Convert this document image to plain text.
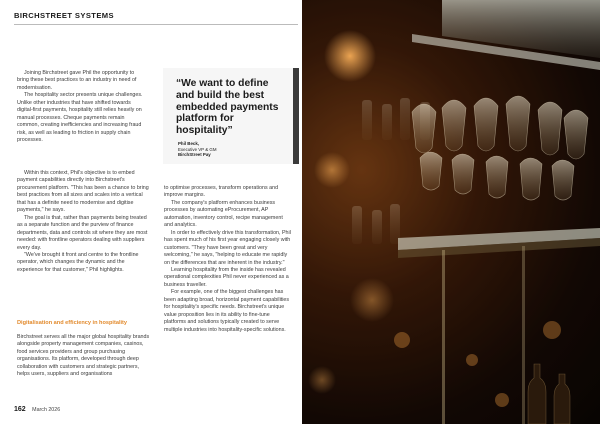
BIRCHSTREET SYSTEMS

Joining Birchstreet gave Phil the opportunity to bring these best practices to an industry in need of modernisation.

The hospitality sector presents unique challenges. Unlike other industries that have shifted towards digital-first payments, hospitality still relies heavily on manual processes. Cheque payments remain common, creating inefficiencies and increasing fraud risk, as well as leading to friction in supply chain processes.

Within this context, Phil's objective is to embed payment capabilities directly into Birchstreet's procurement platform. "This has been a chance to bring best practices from all sizes and scales into a vertical that has a definite need to modernise and digitise payments," he says.

The goal is that, rather than payments being treated as a separate function and the purview of finance departments, data and controls sit where they are most needed: with frontline operators dealing with suppliers every day.

"We've brought it front and centre to the frontline operator, which changes the dynamic and the experience for that customer," Phil highlights.

Digitalisation and efficiency in hospitality

Birchstreet serves all the major global hospitality brands alongside property management companies, casinos, food services providers and group purchasing organisations. Its platform, developed through deep collaboration with customers and strategic partners, helps users, suppliers and organisations

“We want to define and build the best embedded payments platform for hospitality”
Phil Beck,
Executive VP & GM
BirchStreet Pay

to optimise processes, transform operations and improve margins.

The company's platform enhances business processes by automating eProcurement, AP automation, inventory control, recipe management and analytics.

In order to effectively drive this transformation, Phil has spent much of his first year engaging closely with customers. "They have been great and very welcoming," he says, "helping to educate me rapidly on the differences that are inherent in the industry."

Learning hospitality from the inside has revealed operational complexities Phil never experienced as a business traveller.

For example, one of the biggest challenges has been adapting broad, horizontal payment capabilities for hospitality's specific needs. Birchstreet's unique value proposition lies in its ability to fine-tune platforms and solutions typically created to serve multiple industries into hospitality-specific solutions.

162 March 2026
